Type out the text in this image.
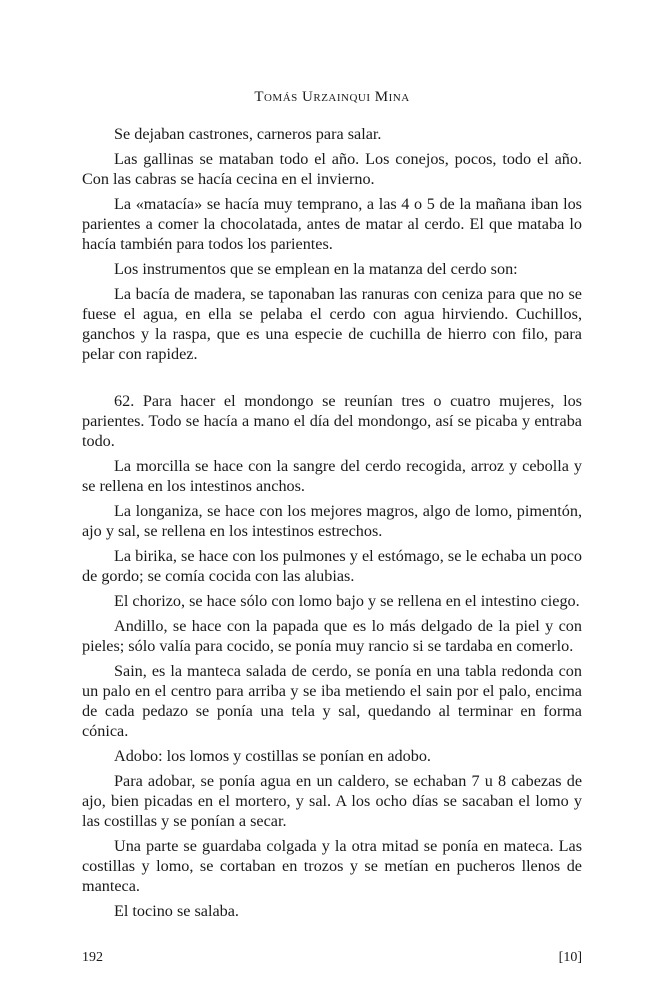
Tomás Urzainqui Mina

Se dejaban castrones, carneros para salar.

Las gallinas se mataban todo el año. Los conejos, pocos, todo el año. Con las cabras se hacía cecina en el invierno.

La «matacía» se hacía muy temprano, a las 4 o 5 de la mañana iban los parientes a comer la chocolatada, antes de matar al cerdo. El que mataba lo hacía también para todos los parientes.

Los instrumentos que se emplean en la matanza del cerdo son:

La bacía de madera, se taponaban las ranuras con ceniza para que no se fuese el agua, en ella se pelaba el cerdo con agua hirviendo. Cuchillos, ganchos y la raspa, que es una especie de cuchilla de hierro con filo, para pelar con rapidez.

62. Para hacer el mondongo se reunían tres o cuatro mujeres, los parientes. Todo se hacía a mano el día del mondongo, así se picaba y entraba todo.

La morcilla se hace con la sangre del cerdo recogida, arroz y cebolla y se rellena en los intestinos anchos.

La longaniza, se hace con los mejores magros, algo de lomo, pimentón, ajo y sal, se rellena en los intestinos estrechos.

La birika, se hace con los pulmones y el estómago, se le echaba un poco de gordo; se comía cocida con las alubias.

El chorizo, se hace sólo con lomo bajo y se rellena en el intestino ciego.

Andillo, se hace con la papada que es lo más delgado de la piel y con pieles; sólo valía para cocido, se ponía muy rancio si se tardaba en comerlo.

Sain, es la manteca salada de cerdo, se ponía en una tabla redonda con un palo en el centro para arriba y se iba metiendo el sain por el palo, encima de cada pedazo se ponía una tela y sal, quedando al terminar en forma cónica.

Adobo: los lomos y costillas se ponían en adobo.

Para adobar, se ponía agua en un caldero, se echaban 7 u 8 cabezas de ajo, bien picadas en el mortero, y sal. A los ocho días se sacaban el lomo y las costillas y se ponían a secar.

Una parte se guardaba colgada y la otra mitad se ponía en mateca. Las costillas y lomo, se cortaban en trozos y se metían en pucheros llenos de manteca.

El tocino se salaba.

192	[10]
